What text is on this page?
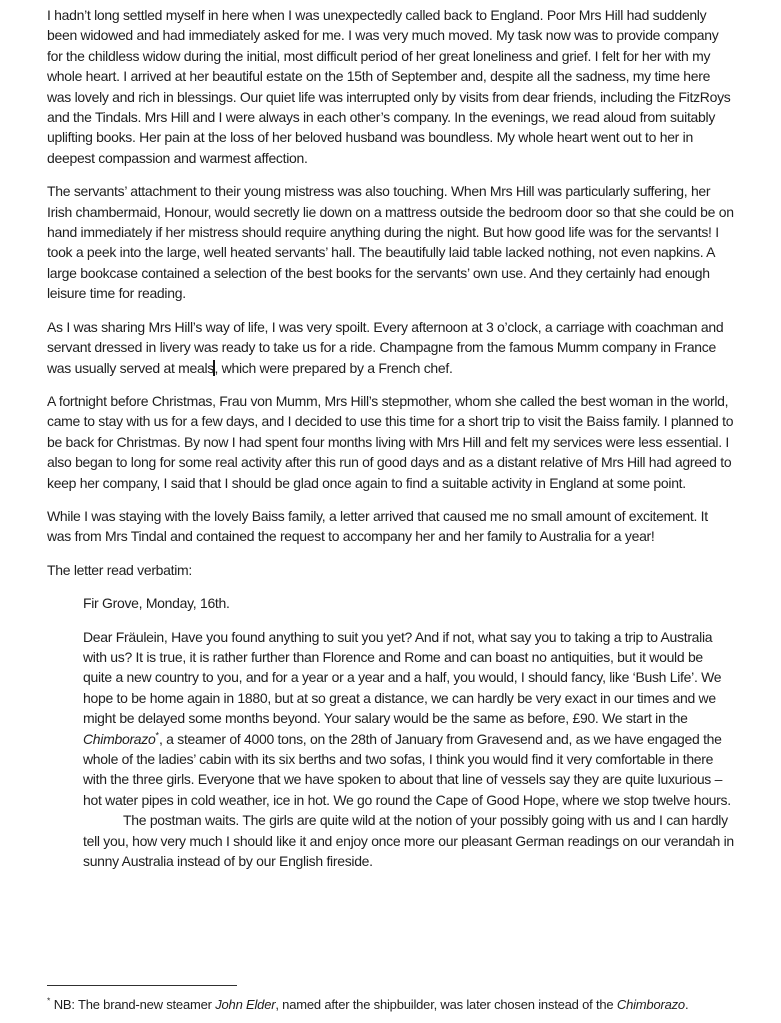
I hadn’t long settled myself in here when I was unexpectedly called back to England. Poor Mrs Hill had suddenly been widowed and had immediately asked for me. I was very much moved. My task now was to provide company for the childless widow during the initial, most difficult period of her great loneliness and grief. I felt for her with my whole heart. I arrived at her beautiful estate on the 15th of September and, despite all the sadness, my time here was lovely and rich in blessings. Our quiet life was interrupted only by visits from dear friends, including the FitzRoys and the Tindals. Mrs Hill and I were always in each other’s company. In the evenings, we read aloud from suitably uplifting books. Her pain at the loss of her beloved husband was boundless. My whole heart went out to her in deepest compassion and warmest affection.

The servants’ attachment to their young mistress was also touching. When Mrs Hill was particularly suffering, her Irish chambermaid, Honour, would secretly lie down on a mattress outside the bedroom door so that she could be on hand immediately if her mistress should require anything during the night. But how good life was for the servants! I took a peek into the large, well heated servants’ hall. The beautifully laid table lacked nothing, not even napkins. A large bookcase contained a selection of the best books for the servants’ own use. And they certainly had enough leisure time for reading.

As I was sharing Mrs Hill’s way of life, I was very spoilt. Every afternoon at 3 o’clock, a carriage with coachman and servant dressed in livery was ready to take us for a ride. Champagne from the famous Mumm company in France was usually served at meals, which were prepared by a French chef.

A fortnight before Christmas, Frau von Mumm, Mrs Hill’s stepmother, whom she called the best woman in the world, came to stay with us for a few days, and I decided to use this time for a short trip to visit the Baiss family. I planned to be back for Christmas. By now I had spent four months living with Mrs Hill and felt my services were less essential. I also began to long for some real activity after this run of good days and as a distant relative of Mrs Hill had agreed to keep her company, I said that I should be glad once again to find a suitable activity in England at some point.

While I was staying with the lovely Baiss family, a letter arrived that caused me no small amount of excitement. It was from Mrs Tindal and contained the request to accompany her and her family to Australia for a year!

The letter read verbatim:

Fir Grove, Monday, 16th.

Dear Fräulein, Have you found anything to suit you yet? And if not, what say you to taking a trip to Australia with us? It is true, it is rather further than Florence and Rome and can boast no antiquities, but it would be quite a new country to you, and for a year or a year and a half, you would, I should fancy, like ‘Bush Life’. We hope to be home again in 1880, but at so great a distance, we can hardly be very exact in our times and we might be delayed some months beyond. Your salary would be the same as before, £90. We start in the Chimborazo*, a steamer of 4000 tons, on the 28th of January from Gravesend and, as we have engaged the whole of the ladies’ cabin with its six berths and two sofas, I think you would find it very comfortable in there with the three girls. Everyone that we have spoken to about that line of vessels say they are quite luxurious – hot water pipes in cold weather, ice in hot. We go round the Cape of Good Hope, where we stop twelve hours.

The postman waits. The girls are quite wild at the notion of your possibly going with us and I can hardly tell you, how very much I should like it and enjoy once more our pleasant German readings on our verandah in sunny Australia instead of by our English fireside.

* NB: The brand-new steamer John Elder, named after the shipbuilder, was later chosen instead of the Chimborazo.
